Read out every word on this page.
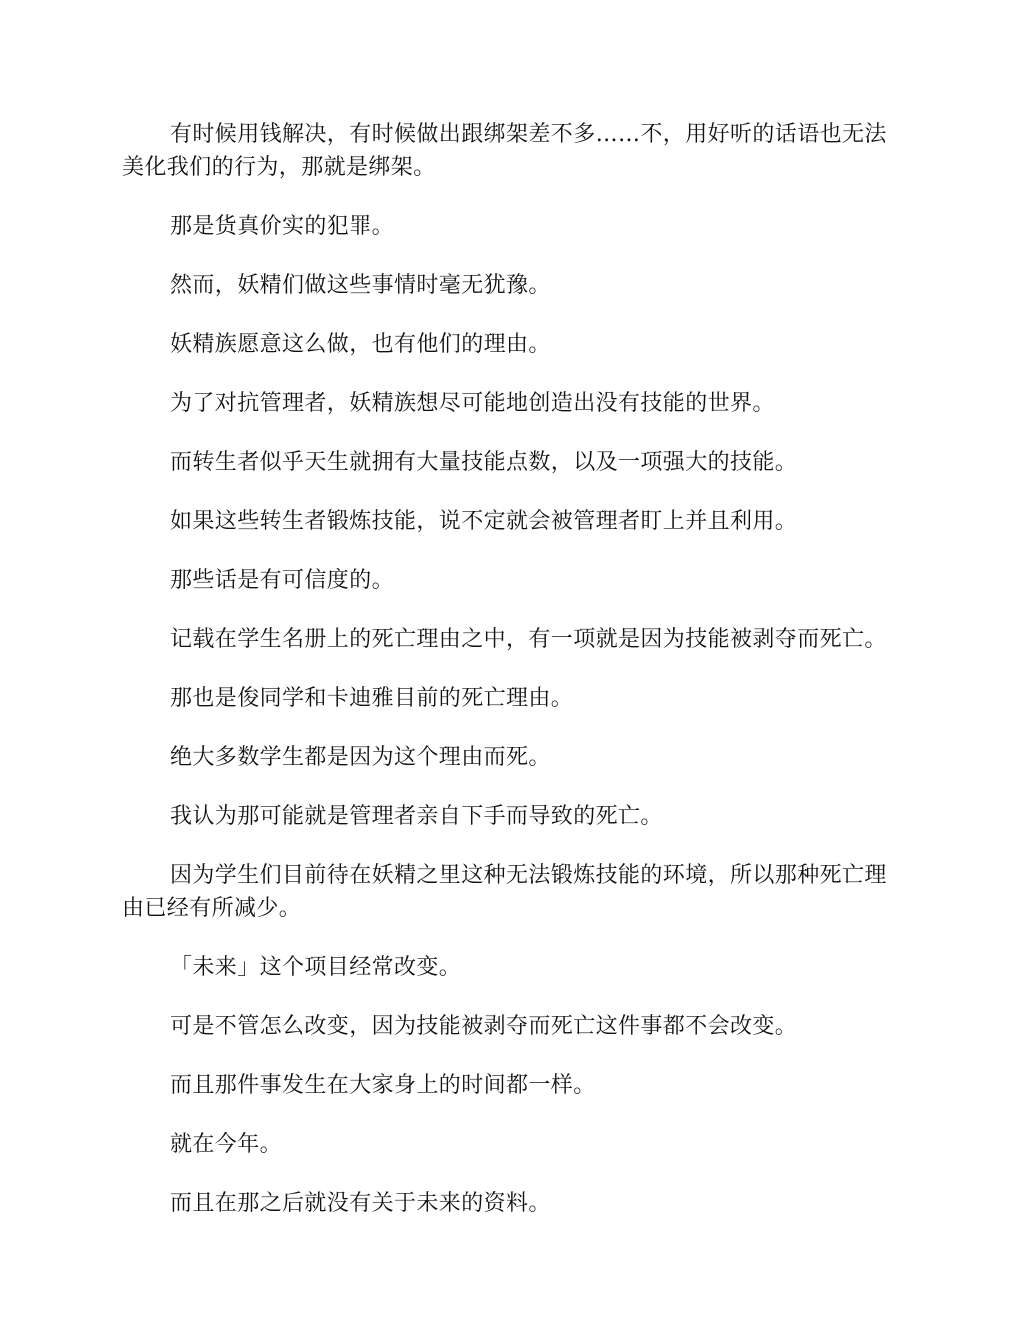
有时候用钱解决，有时候做出跟绑架差不多……不，用好听的话语也无法美化我们的行为，那就是绑架。

那是货真价实的犯罪。

然而，妖精们做这些事情时毫无犹豫。

妖精族愿意这么做，也有他们的理由。

为了对抗管理者，妖精族想尽可能地创造出没有技能的世界。

而转生者似乎天生就拥有大量技能点数，以及一项强大的技能。

如果这些转生者锻炼技能，说不定就会被管理者盯上并且利用。

那些话是有可信度的。

记载在学生名册上的死亡理由之中，有一项就是因为技能被剥夺而死亡。

那也是俊同学和卡迪雅目前的死亡理由。

绝大多数学生都是因为这个理由而死。

我认为那可能就是管理者亲自下手而导致的死亡。

因为学生们目前待在妖精之里这种无法锻炼技能的环境，所以那种死亡理由已经有所减少。

「未来」这个项目经常改变。

可是不管怎么改变，因为技能被剥夺而死亡这件事都不会改变。

而且那件事发生在大家身上的时间都一样。

就在今年。

而且在那之后就没有关于未来的资料。
